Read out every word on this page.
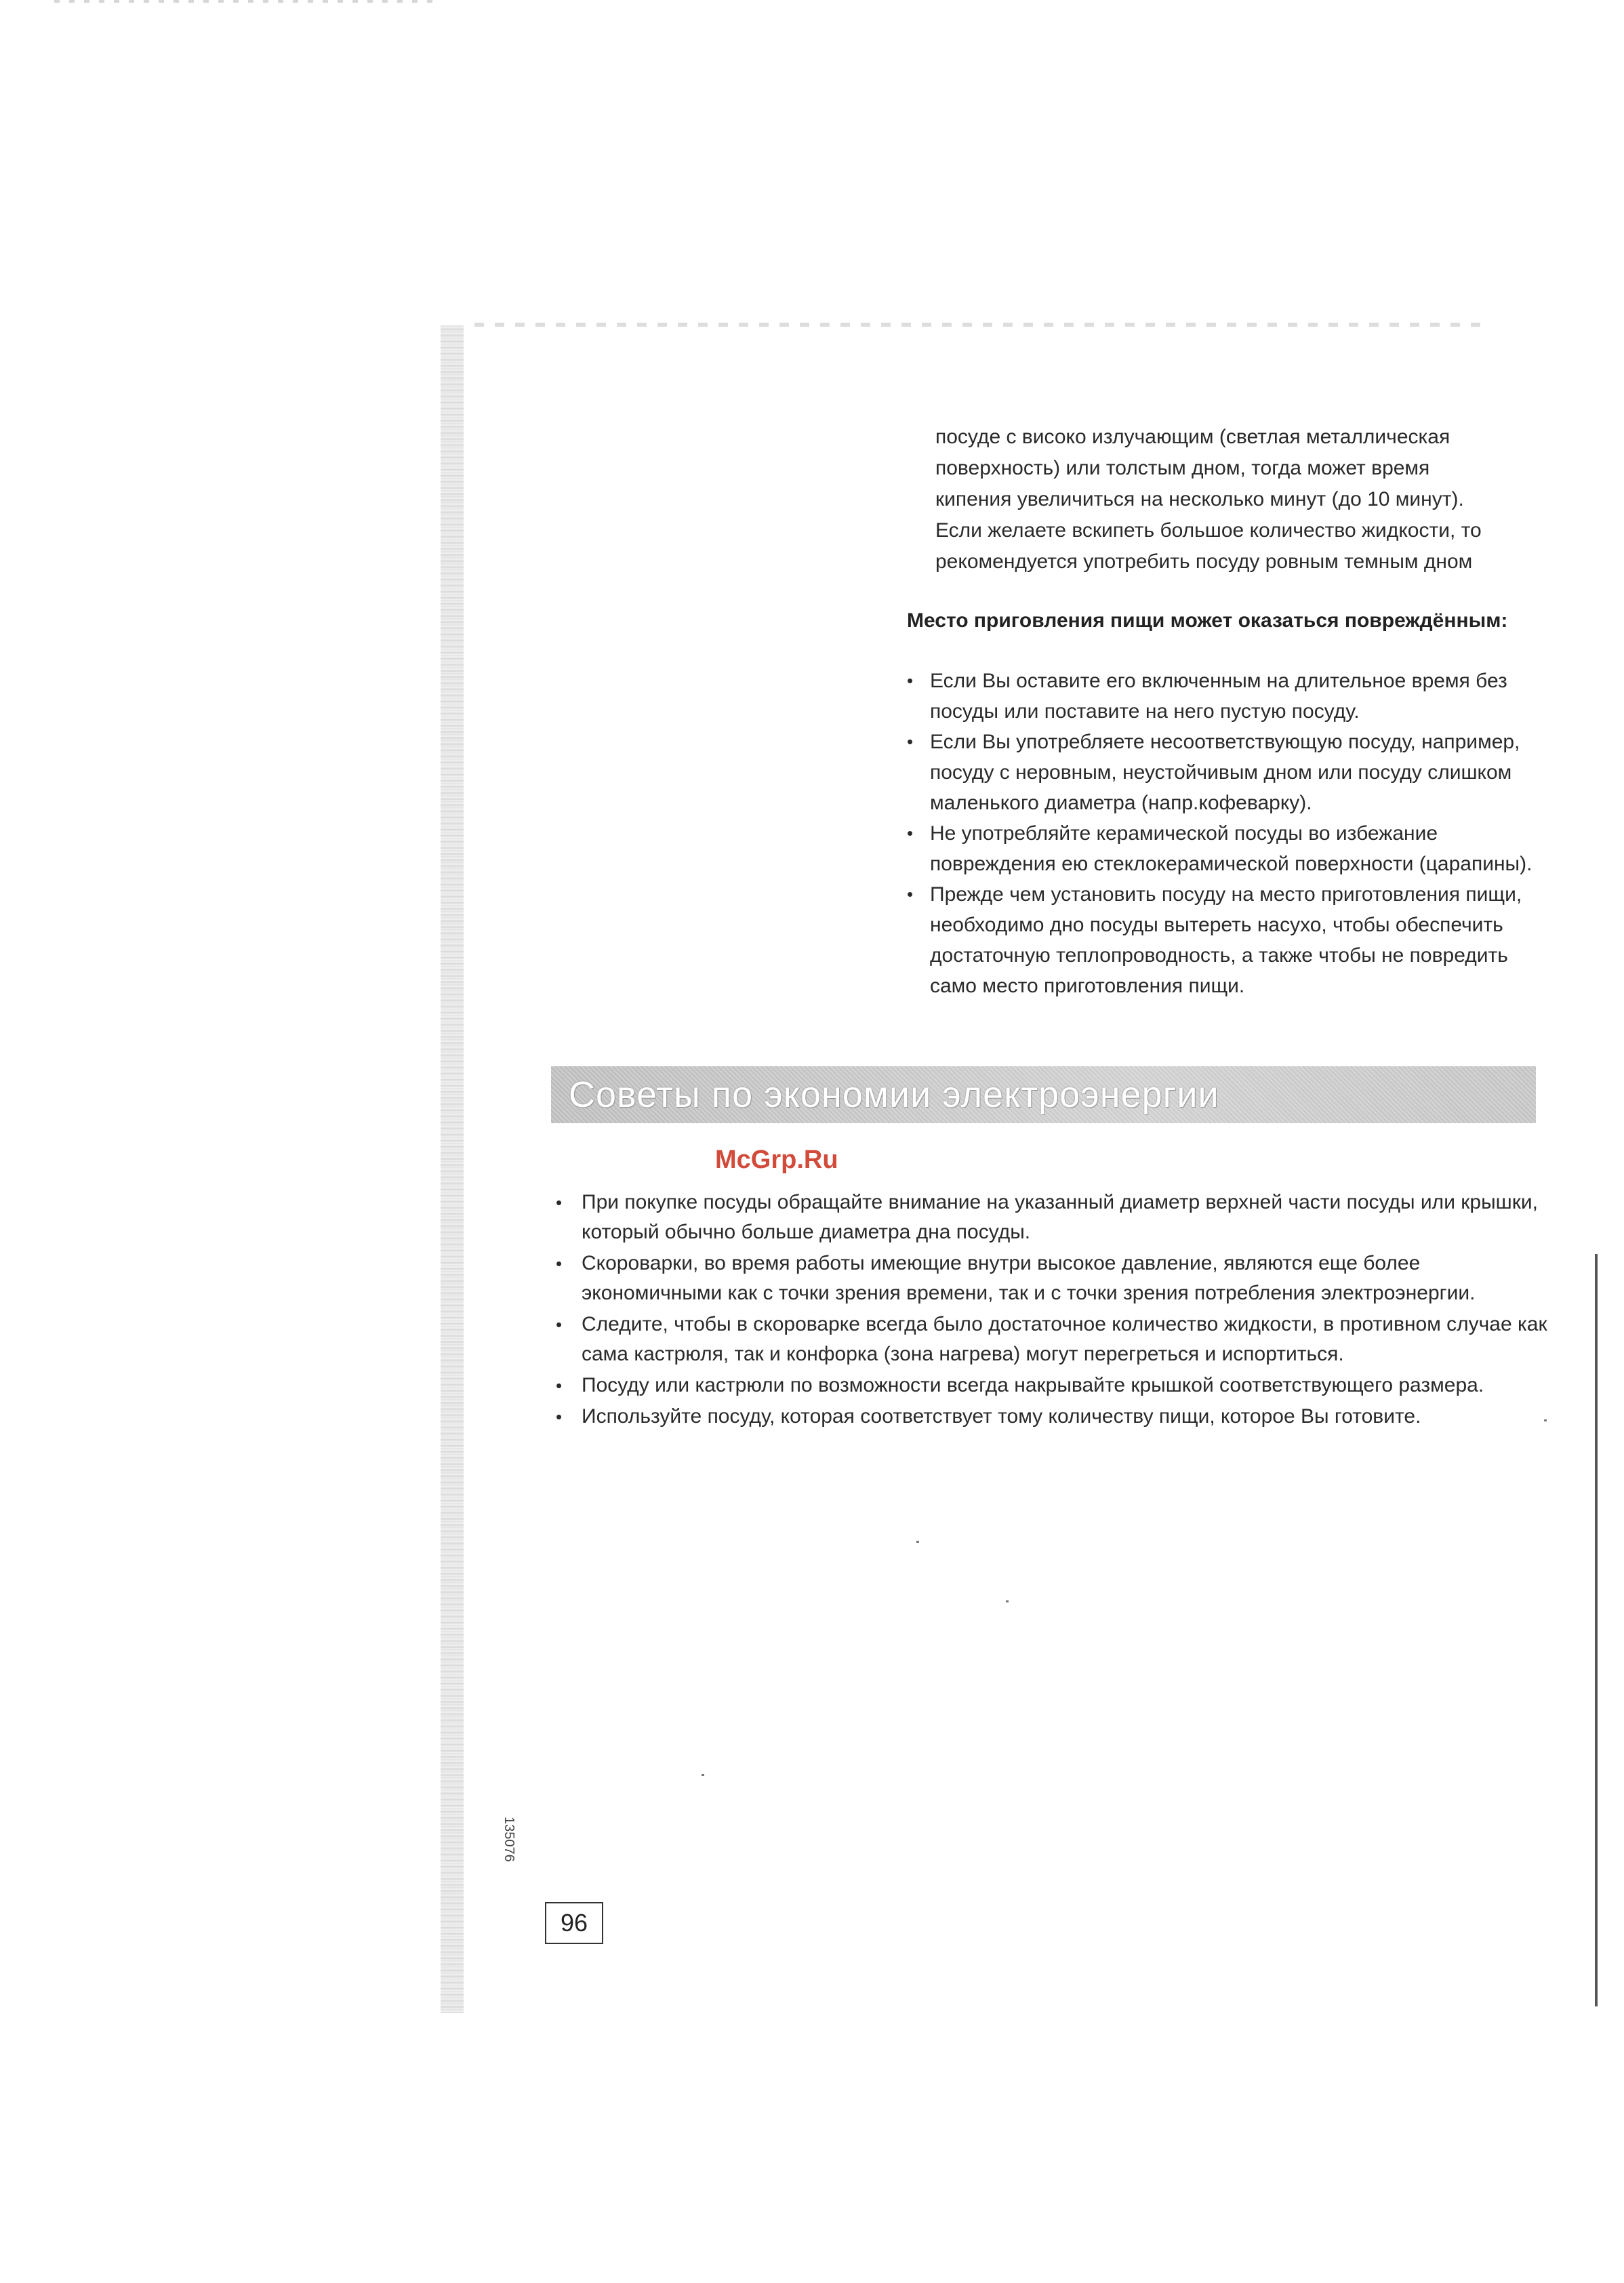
посуде с високо излучающим (светлая металлическая
поверхность) или толстым дном, тогда может время
кипения увеличиться на несколько минут (до 10 минут).
Если желаете вскипеть большое количество жидкости, то
рекомендуется употребить посуду ровным темным дном
Место приговления пищи может оказаться повреждённым:
• Если Вы оставите его включенным на длительное время без посуды или поставите на него пустую посуду.
• Если Вы употребляете несоответствующую посуду, например, посуду с неровным, неустойчивым дном или посуду слишком маленького диаметра (напр.кофеварку).
• Не употребляйте керамической посуды во избежание повреждения ею стеклокерамической поверхности (царапины).
• Прежде чем установить посуду на место приготовления пищи, необходимо дно посуды вытереть насухо, чтобы обеспечить достаточную теплопроводность, а также чтобы не повредить само место приготовления пищи.
Советы по экономии электроэнергии
McGrp.Ru
• При покупке посуды обращайте внимание на указанный диаметр верхней части посуды или крышки, который обычно больше диаметра дна посуды.
• Скороварки, во время работы имеющие внутри высокое давление, являются еще более экономичными как с точки зрения времени, так и с точки зрения потребления электроэнергии.
• Следите, чтобы в скороварке всегда было достаточное количество жидкости, в противном случае как сама кастрюля, так и конфорка (зона нагрева) могут перегреться и испортиться.
• Посуду или кастрюли по возможности всегда накрывайте крышкой соответствующего размера.
• Используйте посуду, которая соответствует тому количеству пищи, которое Вы готовите.
135076
96
